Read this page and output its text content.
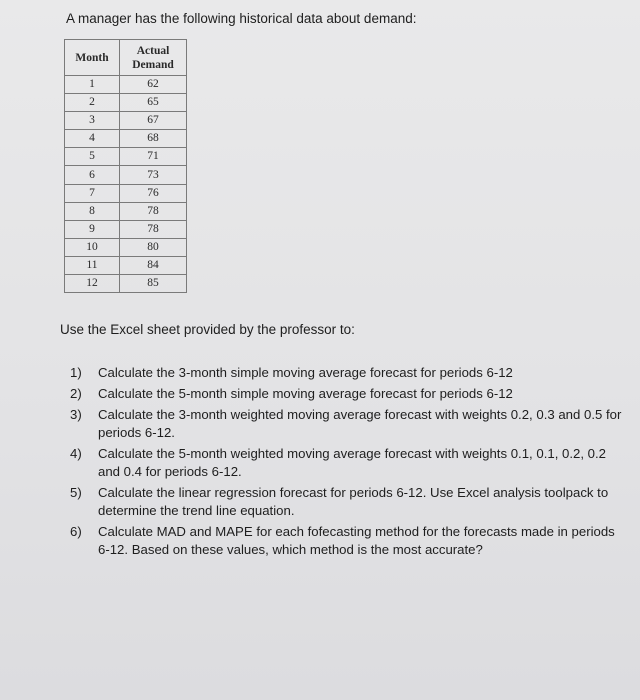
A manager has the following historical data about demand:
Month	Actual
Demand
1	62
2	65
3	67
4	68
5	71
6	73
7	76
8	78
9	78
10	80
11	84
12	85
Use the Excel sheet provided by the professor to:
1) Calculate the 3-month simple moving average forecast for periods 6-12
2) Calculate the 5-month simple moving average forecast for periods 6-12
3) Calculate the 3-month weighted moving average forecast with weights 0.2, 0.3 and 0.5 for periods 6-12.
4) Calculate the 5-month weighted moving average forecast with weights 0.1, 0.1, 0.2, 0.2 and 0.4 for periods 6-12.
5) Calculate the linear regression forecast for periods 6-12. Use Excel analysis toolpack to determine the trend line equation.
6) Calculate MAD and MAPE for each fofecasting method for the forecasts made in periods 6-12. Based on these values, which method is the most accurate?
